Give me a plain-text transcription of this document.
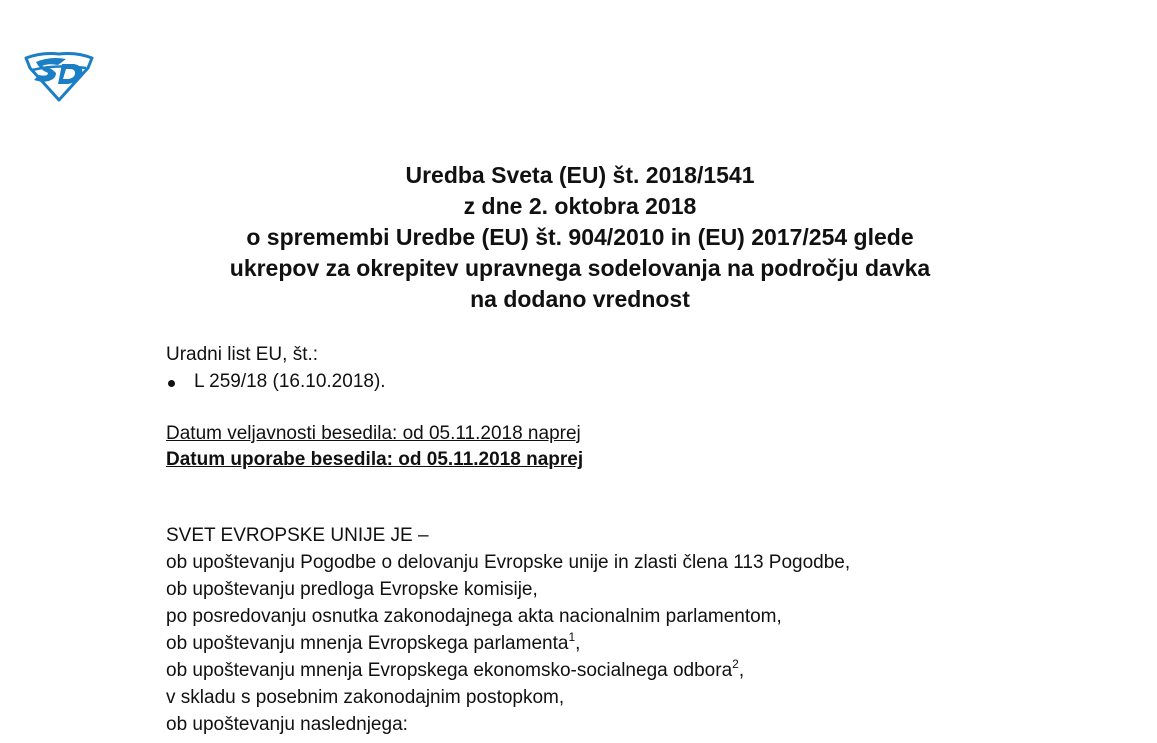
Uredba Sveta (EU) št. 2018/1541
z dne 2. oktobra 2018
o spremembi Uredbe (EU) št. 904/2010 in (EU) 2017/254 glede
ukrepov za okrepitev upravnega sodelovanja na področju davka
na dodano vrednost
Uradni list EU, št.:
L 259/18 (16.10.2018).
Datum veljavnosti besedila: od 05.11.2018 naprej
Datum uporabe besedila: od 05.11.2018 naprej
SVET EVROPSKE UNIJE JE –
ob upoštevanju Pogodbe o delovanju Evropske unije in zlasti člena 113 Pogodbe,
ob upoštevanju predloga Evropske komisije,
po posredovanju osnutka zakonodajnega akta nacionalnim parlamentom,
ob upoštevanju mnenja Evropskega parlamenta$^1$,
ob upoštevanju mnenja Evropskega ekonomsko-socialnega odbora$^2$,
v skladu s posebnim zakonodajnim postopkom,
ob upoštevanju naslednjega:
